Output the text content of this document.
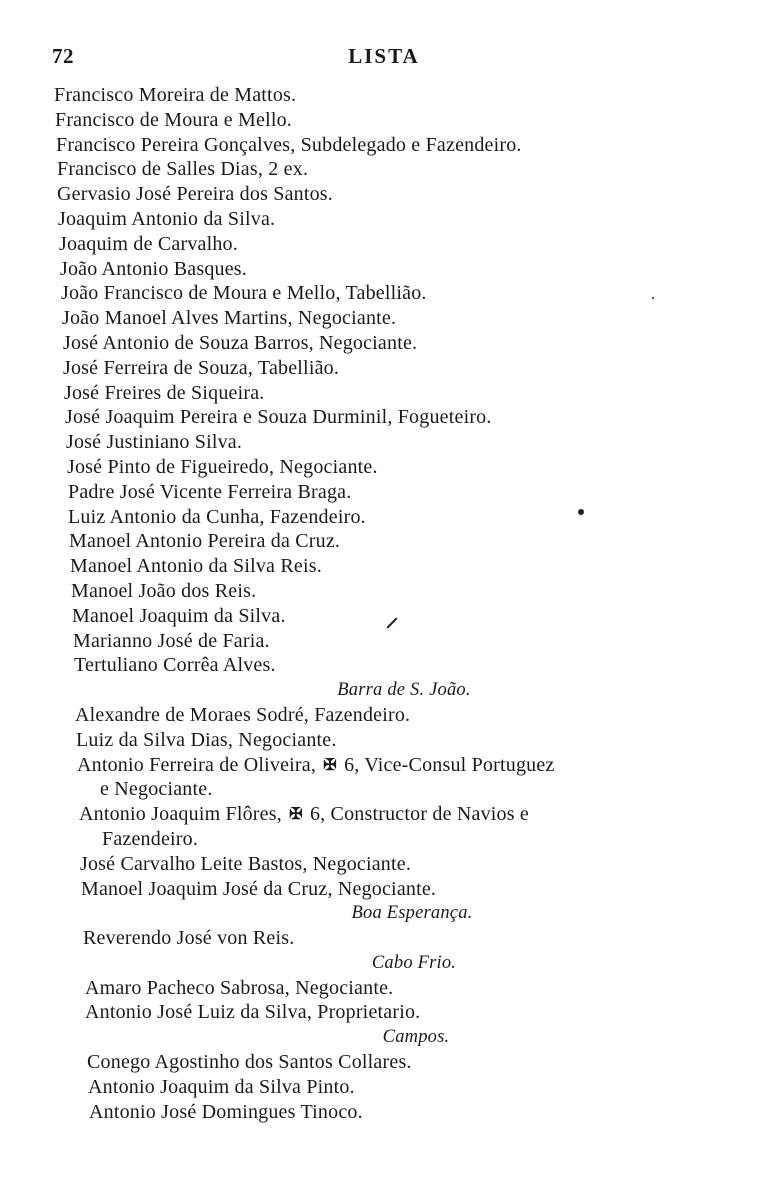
72	LISTA
Francisco Moreira de Mattos.
Francisco de Moura e Mello.
Francisco Pereira Gonçalves, Subdelegado e Fazendeiro.
Francisco de Salles Dias, 2 ex.
Gervasio José Pereira dos Santos.
Joaquim Antonio da Silva.
Joaquim de Carvalho.
João Antonio Basques.
João Francisco de Moura e Mello, Tabellião.
João Manoel Alves Martins, Negociante.
José Antonio de Souza Barros, Negociante.
José Ferreira de Souza, Tabellião.
José Freires de Siqueira.
José Joaquim Pereira e Souza Durminil, Fogueteiro.
José Justiniano Silva.
José Pinto de Figueiredo, Negociante.
Padre José Vicente Ferreira Braga.
Luiz Antonio da Cunha, Fazendeiro.
Manoel Antonio Pereira da Cruz.
Manoel Antonio da Silva Reis.
Manoel João dos Reis.
Manoel Joaquim da Silva.
Marianno José de Faria.
Tertuliano Corrêa Alves.
Barra de S. João.
Alexandre de Moraes Sodré, Fazendeiro.
Luiz da Silva Dias, Negociante.
Antonio Ferreira de Oliveira, ✠ 6, Vice-Consul Portuguez
e Negociante.
Antonio Joaquim Flôres, ✠ 6, Constructor de Navios e
Fazendeiro.
José Carvalho Leite Bastos, Negociante.
Manoel Joaquim José da Cruz, Negociante.
Boa Esperança.
Reverendo José von Reis.
Cabo Frio.
Amaro Pacheco Sabrosa, Negociante.
Antonio José Luiz da Silva, Proprietario.
Campos.
Conego Agostinho dos Santos Collares.
Antonio Joaquim da Silva Pinto.
Antonio José Domingues Tinoco.
